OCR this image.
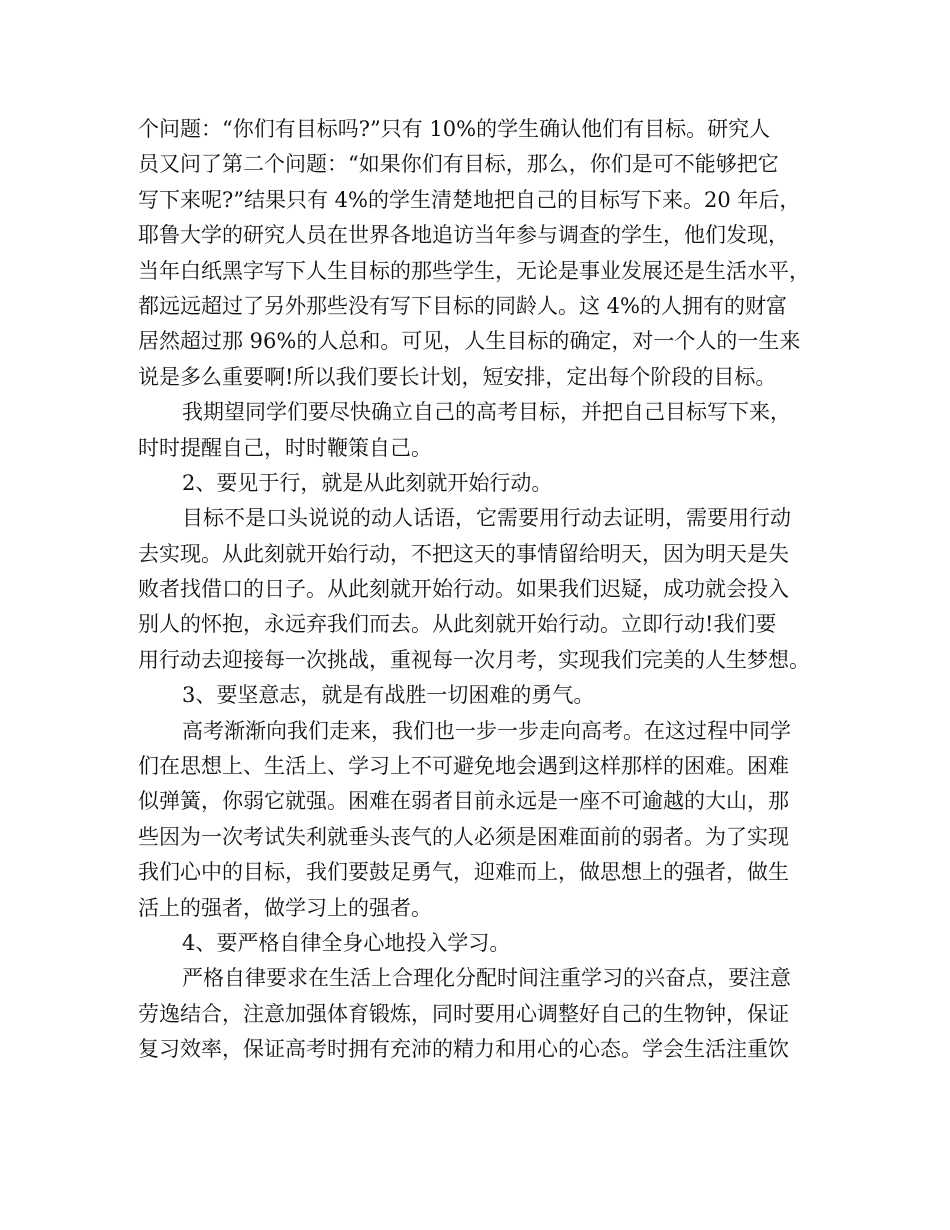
个问题：“你们有目标吗?”只有 10%的学生确认他们有目标。研究人
员又问了第二个问题：“如果你们有目标，那么，你们是可不能够把它
写下来呢?”结果只有 4%的学生清楚地把自己的目标写下来。20 年后，
耶鲁大学的研究人员在世界各地追访当年参与调查的学生，他们发现，
当年白纸黑字写下人生目标的那些学生，无论是事业发展还是生活水平，
都远远超过了另外那些没有写下目标的同龄人。这 4%的人拥有的财富
居然超过那 96%的人总和。可见，人生目标的确定，对一个人的一生来
说是多么重要啊!所以我们要长计划，短安排，定出每个阶段的目标。
我期望同学们要尽快确立自己的高考目标，并把自己目标写下来，
时时提醒自己，时时鞭策自己。
2、要见于行，就是从此刻就开始行动。
目标不是口头说说的动人话语，它需要用行动去证明，需要用行动
去实现。从此刻就开始行动，不把这天的事情留给明天，因为明天是失
败者找借口的日子。从此刻就开始行动。如果我们迟疑，成功就会投入
别人的怀抱，永远弃我们而去。从此刻就开始行动。立即行动!我们要
用行动去迎接每一次挑战，重视每一次月考，实现我们完美的人生梦想。
3、要坚意志，就是有战胜一切困难的勇气。
高考渐渐向我们走来，我们也一步一步走向高考。在这过程中同学
们在思想上、生活上、学习上不可避免地会遇到这样那样的困难。困难
似弹簧，你弱它就强。困难在弱者目前永远是一座不可逾越的大山，那
些因为一次考试失利就垂头丧气的人必须是困难面前的弱者。为了实现
我们心中的目标，我们要鼓足勇气，迎难而上，做思想上的强者，做生
活上的强者，做学习上的强者。
4、要严格自律全身心地投入学习。
严格自律要求在生活上合理化分配时间注重学习的兴奋点，要注意
劳逸结合，注意加强体育锻炼，同时要用心调整好自己的生物钟，保证
复习效率，保证高考时拥有充沛的精力和用心的心态。学会生活注重饮
